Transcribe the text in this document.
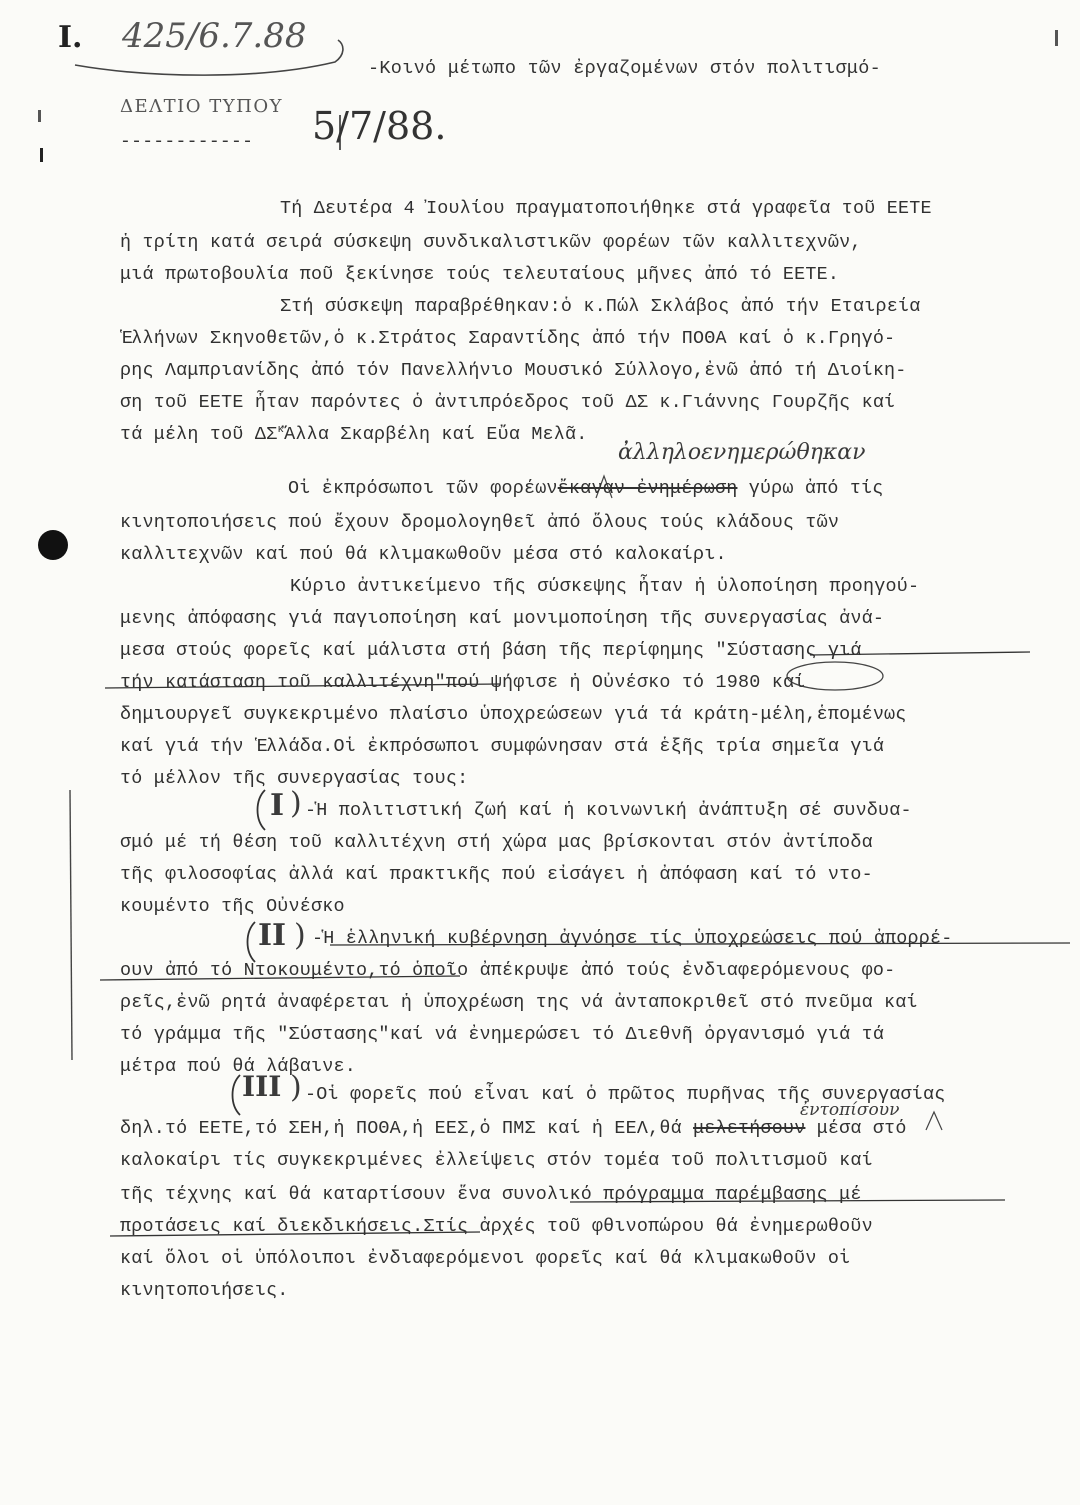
I. 425/6.7.88
-Κοινό μέτωπο τῶν ἐργαζομένων στόν πολιτισμό-
ΔΕΛΤΙΟ ΤΥΠΟΥ
------------ 5/7/88.
Τή Δευτέρα 4 Ἰουλίου πραγματοποιήθηκε στά γραφεῖα τοῦ ΕΕΤΕ
ἡ τρίτη κατά σειρά σύσκεψη συνδικαλιστικῶν φορέων τῶν καλλιτεχνῶν,
μιά πρωτοβουλία ποῦ ξεκίνησε τούς τελευταίους μῆνες ἀπό τό ΕΕΤΕ.
Στή σύσκεψη παραβρέθηκαν:ὁ κ.Πώλ Σκλάβος ἀπό τήν Εταιρεία
Ἑλλήνων Σκηνοθετῶν,ὁ κ.Στράτος Σαραντίδης ἀπό τήν ΠΟΘΑ καί ὁ κ.Γρηγό-
ρης Λαμπριανίδης ἀπό τόν Πανελλήνιο Μουσικό Σύλλογο,ἐνῶ ἀπό τή Διοίκη-
ση τοῦ ΕΕΤΕ ἦταν παρόντες ὁ ἀντιπρόεδρος τοῦ ΔΣ κ.Γιάννης Γουρζῆς καί
τά μέλη τοῦ $\Delta\Sigma^\kappa Ἄ\lambda\lambda\alpha$ Σκαρβέλη καί Εὔα Μελᾶ.
ἀλληλοενημερώθηκαν
Οἱ ἐκπρόσωποι τῶν φορέωνἔκαναν ἐνημέρωση γύρω ἀπό τίς
κινητοποιήσεις πού ἔχουν δρομολογηθεῖ ἀπό ὅλους τούς κλάδους τῶν
καλλιτεχνῶν καί πού θά κλιμακωθοῦν μέσα στό καλοκαίρι.
Κύριο ἀντικείμενο τῆς σύσκεψης ἦταν ἡ ὑλοποίηση προηγού-
μενης ἀπόφασης γιά παγιοποίηση καί μονιμοποίηση τῆς συνεργασίας ἀνά-
μεσα στούς φορεῖς καί μάλιστα στή βάση τῆς περίφημης "Σύστασης γιά
τήν κατάσταση τοῦ καλλιτέχνη"πού ψήφισε ἡ Οὐνέσκο τό 1980 καί
δημιουργεῖ συγκεκριμένο πλαίσιο ὑποχρεώσεων γιά τά κράτη-μέλη,ἑπομένως
καί γιά τήν Ἑλλάδα.Οἱ ἐκπρόσωποι συμφώνησαν στά ἑξῆς τρία σημεῖα γιά
τό μέλλον τῆς συνεργασίας τους:
I ) -Ἡ πολιτιστική ζωή καί ἡ κοινωνική ἀνάπτυξη σέ συνδυα-
σμό μέ τή θέση τοῦ καλλιτέχνη στή χώρα μας βρίσκονται στόν ἀντίποδα
τῆς φιλοσοφίας ἀλλά καί πρακτικῆς πού εἰσάγει ἡ ἀπόφαση καί τό ντο-
κουμέντο τῆς Οὐνέσκο
II ) -Ἡ ἑλληνική κυβέρνηση ἀγνόησε τίς ὑποχρεώσεις πού ἀπορρέ-
ουν ἀπό τό Ντοκουμέντο,τό ὁποῖο ἀπέκρυψε ἀπό τούς ἐνδιαφερόμενους φο-
ρεῖς,ἐνῶ ρητά ἀναφέρεται ἡ ὑποχρέωση της νά ἀνταποκριθεῖ στό πνεῦμα καί
τό γράμμα τῆς "Σύστασης"καί νά ἐνημερώσει τό Διεθνῆ ὀργανισμό γιά τά
μέτρα πού θά λάβαινε.
III ) -Οἱ φορεῖς πού εἶναι καί ὁ πρῶτος πυρῆνας τῆς συνεργασίας
ἐντοπίσουν
δηλ.τό ΕΕΤΕ,τό ΣΕΗ,ἡ ΠΟΘΑ,ἡ ΕΕΣ,ὁ ΠΜΣ καί ἡ ΕΕΛ,θά μελετήσουν μέσα στό
καλοκαίρι τίς συγκεκριμένες ἐλλείψεις στόν τομέα τοῦ πολιτισμοῦ καί
τῆς τέχνης καί θά καταρτίσουν ἕνα συνολικό πρόγραμμα παρέμβασης μέ
προτάσεις καί διεκδικήσεις.Στίς ἀρχές τοῦ φθινοπώρου θά ἐνημερωθοῦν
καί ὅλοι οἱ ὑπόλοιποι ἐνδιαφερόμενοι φορεῖς καί θά κλιμακωθοῦν οἱ
κινητοποιήσεις.
